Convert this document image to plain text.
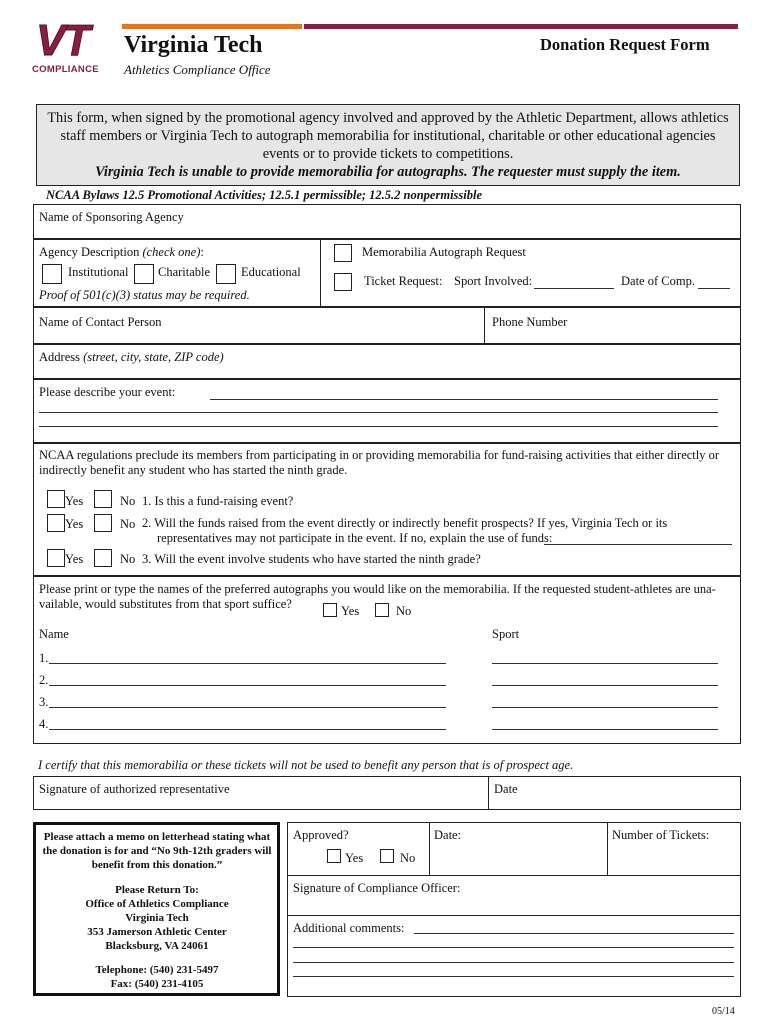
VT
COMPLIANCE
Virginia Tech
Athletics Compliance Office
Donation Request Form
This form, when signed by the promotional agency involved and approved by the Athletic Department, allows athletics staff members or Virginia Tech to autograph memorabilia for institutional, charitable or other educational agencies events or to provide tickets to competitions.
Virginia Tech is unable to provide memorabilia for autographs. The requester must supply the item.
NCAA Bylaws 12.5 Promotional Activities; 12.5.1 permissible; 12.5.2 nonpermissible
Name of Sponsoring Agency
Agency Description (check one):
Institutional Charitable Educational
Proof of 501(c)(3) status may be required.
Memorabilia Autograph Request
Ticket Request: Sport Involved:	Date of Comp.
Name of Contact Person	Phone Number
Address (street, city, state, ZIP code)
Please describe your event:
NCAA regulations preclude its members from participating in or providing memorabilia for fund-raising activities that either directly or indirectly benefit any student who has started the ninth grade.
Yes	No 1. Is this a fund-raising event?
Yes	No 2. Will the funds raised from the event directly or indirectly benefit prospects? If yes, Virginia Tech or its
representatives may not participate in the event. If no, explain the use of funds:
Yes	No 3. Will the event involve students who have started the ninth grade?
Please print or type the names of the preferred autographs you would like on the memorabilia. If the requested student-athletes are una-vailable, would substitutes from that sport suffice?	Yes	No
Name	Sport
1.
2.
3.
4.
I certify that this memorabilia or these tickets will not be used to benefit any person that is of prospect age.
Signature of authorized representative	Date
Please attach a memo on letterhead stating what the donation is for and “No 9th-12th graders will benefit from this donation.”
Please Return To:
Office of Athletics Compliance
Virginia Tech
353 Jamerson Athletic Center
Blacksburg, VA 24061
Telephone: (540) 231-5497
Fax: (540) 231-4105
Approved?
Yes	No
Date:	Number of Tickets:
Signature of Compliance Officer:
Additional comments:
05/14
